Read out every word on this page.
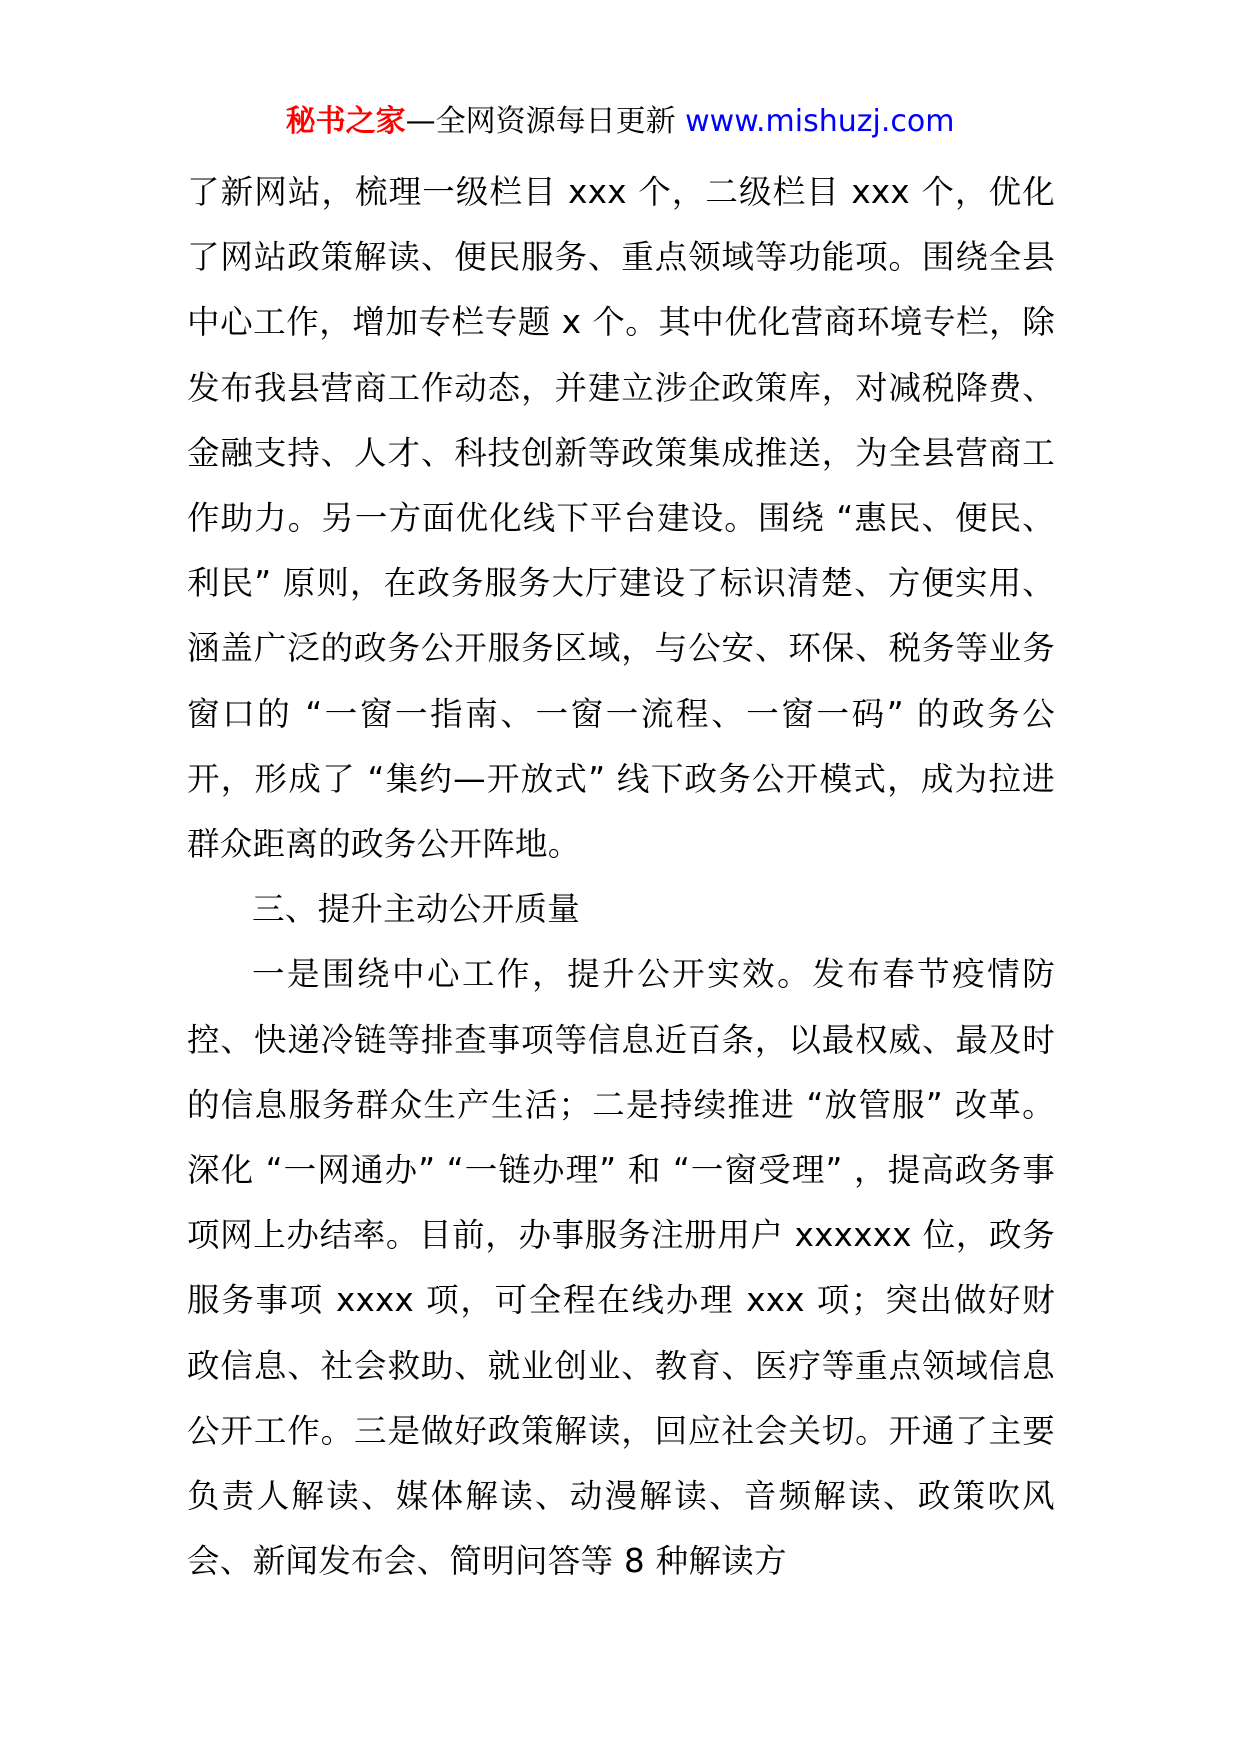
秘书之家—全网资源每日更新 www.mishuzj.com

了新网站，梳理一级栏目 xxx 个，二级栏目 xxx 个，优化了网站政策解读、便民服务、重点领域等功能项。围绕全县中心工作，增加专栏专题 x 个。其中优化营商环境专栏，除发布我县营商工作动态，并建立涉企政策库，对减税降费、金融支持、人才、科技创新等政策集成推送，为全县营商工作助力。另一方面优化线下平台建设。围绕 “惠民、便民、利民” 原则，在政务服务大厅建设了标识清楚、方便实用、涵盖广泛的政务公开服务区域，与公安、环保、税务等业务窗口的 “一窗一指南、一窗一流程、一窗一码” 的政务公开，形成了 “集约—开放式” 线下政务公开模式，成为拉进群众距离的政务公开阵地。

三、提升主动公开质量

一是围绕中心工作，提升公开实效。发布春节疫情防控、快递冷链等排查事项等信息近百条，以最权威、最及时的信息服务群众生产生活；二是持续推进 “放管服” 改革。深化 “一网通办” “一链办理” 和 “一窗受理” ，提高政务事项网上办结率。目前，办事服务注册用户 xxxxxx 位，政务服务事项 xxxx 项，可全程在线办理 xxx 项；突出做好财政信息、社会救助、就业创业、教育、医疗等重点领域信息公开工作。三是做好政策解读，回应社会关切。开通了主要负责人解读、媒体解读、动漫解读、音频解读、政策吹风会、新闻发布会、简明问答等 8 种解读方
